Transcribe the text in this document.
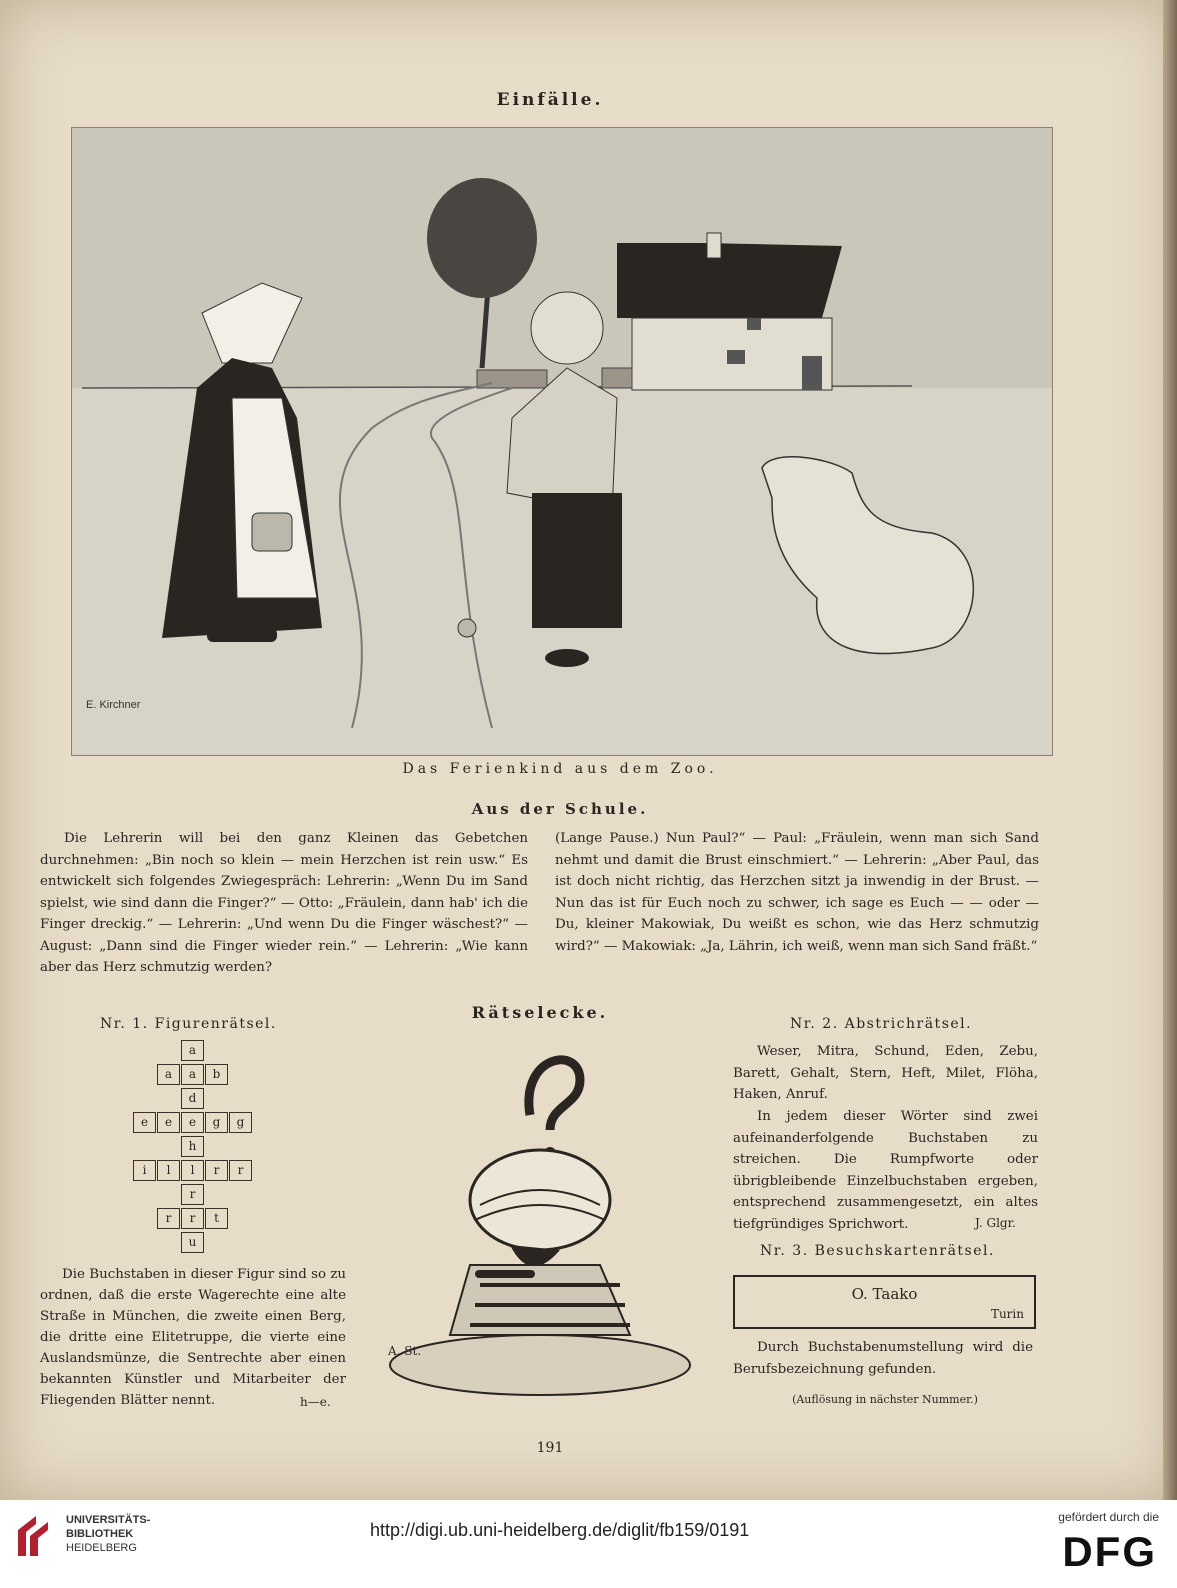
Einfälle.
E. Kirchner
Das Ferienkind aus dem Zoo.
Aus der Schule.
Die Lehrerin will bei den ganz Kleinen das Gebetchen durchnehmen: „Bin noch so klein — mein Herzchen ist rein usw.“ Es entwickelt sich folgendes Zwiegespräch: Lehrerin: „Wenn Du im Sand spielst, wie sind dann die Finger?“ — Otto: „Fräulein, dann hab' ich die Finger dreckig.“ — Lehrerin: „Und wenn Du die Finger wäschest?“ — August: „Dann sind die Finger wieder rein.“ — Lehrerin: „Wie kann aber das Herz schmutzig werden?
(Lange Pause.) Nun Paul?“ — Paul: „Fräulein, wenn man sich Sand nehmt und damit die Brust einschmiert.“ — Lehrerin: „Aber Paul, das ist doch nicht richtig, das Herzchen sitzt ja inwendig in der Brust. — Nun das ist für Euch noch zu schwer, ich sage es Euch — — oder — Du, kleiner Makowiak, Du weißt es schon, wie das Herz schmutzig wird?“ — Makowiak: „Ja, Lährin, ich weiß, wenn man sich Sand fräßt.“
Rätselecke.
Nr. 1. Figurenrätsel.
a
a	a	b
d
e	e	e	g	g
h
i	l	l	r	r
r
r	r	t
u
Die Buchstaben in dieser Figur sind so zu ordnen, daß die erste Wagerechte eine alte Straße in München, die zweite einen Berg, die dritte eine Elitetruppe, die vierte eine Auslandsmünze, die Sentrechte aber einen bekannten Künstler und Mitarbeiter der Fliegenden Blätter nennt.	h—e.
A. St.
Nr. 2. Abstrichrätsel.
Weser, Mitra, Schund, Eden, Zebu, Barett, Gehalt, Stern, Heft, Milet, Flöha, Haken, Anruf.
In jedem dieser Wörter sind zwei aufeinanderfolgende Buchstaben zu streichen. Die Rumpfworte oder übrigbleibende Einzelbuchstaben ergeben, entsprechend zusammengesetzt, ein altes tiefgründiges Sprichwort.	J. Glgr.
Nr. 3. Besuchskartenrätsel.
O. Taako
Turin
Durch Buchstabenumstellung wird die Berufsbezeichnung gefunden.
(Auflösung in nächster Nummer.)
191
UNIVERSITÄTS-
BIBLIOTHEK
HEIDELBERG
http://digi.ub.uni-heidelberg.de/diglit/fb159/0191
gefördert durch die
DFG
